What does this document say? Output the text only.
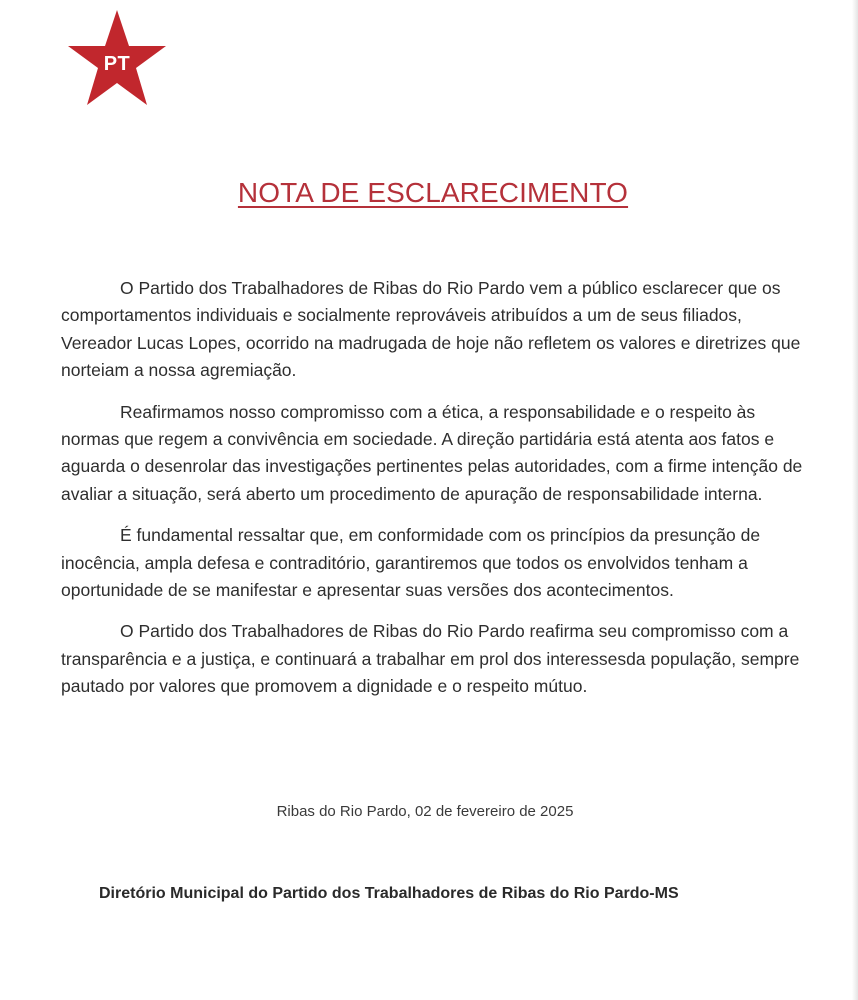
PT
NOTA DE ESCLARECIMENTO

O Partido dos Trabalhadores de Ribas do Rio Pardo vem a público esclarecer que os comportamentos individuais e socialmente reprováveis atribuídos a um de seus filiados, Vereador Lucas Lopes, ocorrido na madrugada de hoje não refletem os valores e diretrizes que norteiam a nossa agremiação.

Reafirmamos nosso compromisso com a ética, a responsabilidade e o respeito às normas que regem a convivência em sociedade. A direção partidária está atenta aos fatos e aguarda o desenrolar das investigações pertinentes pelas autoridades, com a firme intenção de avaliar a situação, será aberto um procedimento de apuração de responsabilidade interna.

É fundamental ressaltar que, em conformidade com os princípios da presunção de inocência, ampla defesa e contraditório, garantiremos que todos os envolvidos tenham a oportunidade de se manifestar e apresentar suas versões dos acontecimentos.

O Partido dos Trabalhadores de Ribas do Rio Pardo reafirma seu compromisso com a transparência e a justiça, e continuará a trabalhar em prol dos interessesda população, sempre pautado por valores que promovem a dignidade e o respeito mútuo.

Ribas do Rio Pardo, 02 de fevereiro de 2025
Diretório Municipal do Partido dos Trabalhadores de Ribas do Rio Pardo-MS
